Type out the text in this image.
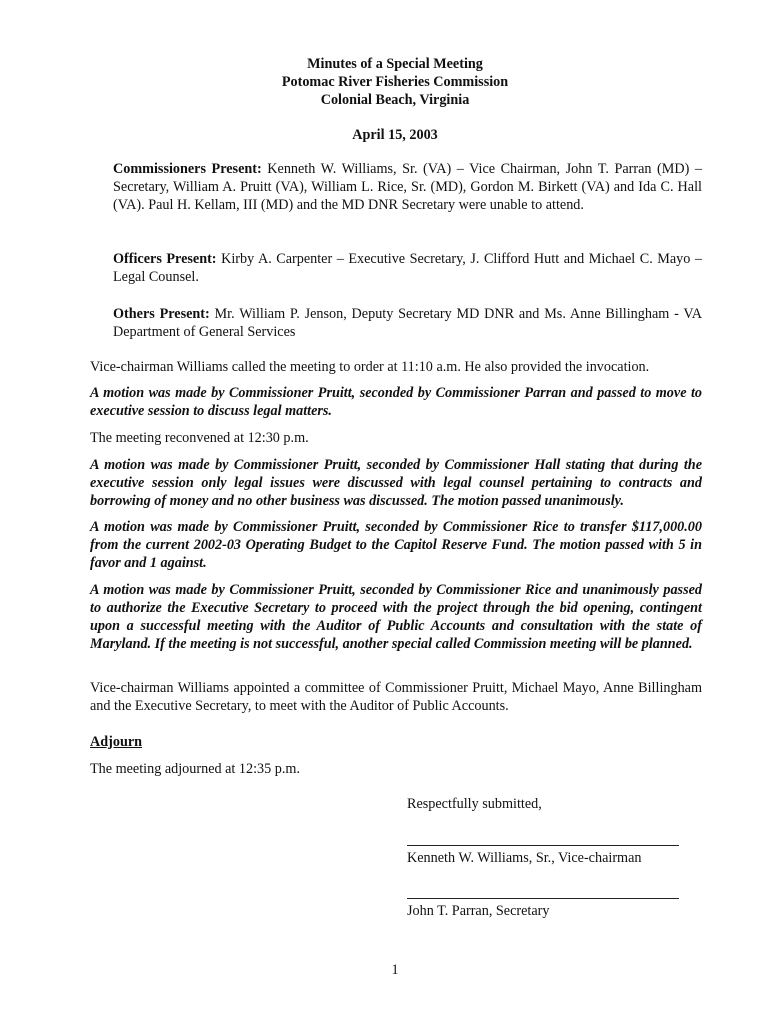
Minutes of a Special Meeting
Potomac River Fisheries Commission
Colonial Beach, Virginia
April 15, 2003
Commissioners Present: Kenneth W. Williams, Sr. (VA) – Vice Chairman, John T. Parran (MD) – Secretary, William A. Pruitt (VA), William L. Rice, Sr. (MD), Gordon M. Birkett (VA) and Ida C. Hall (VA). Paul H. Kellam, III (MD) and the MD DNR Secretary were unable to attend.
Officers Present: Kirby A. Carpenter – Executive Secretary, J. Clifford Hutt and Michael C. Mayo – Legal Counsel.
Others Present: Mr. William P. Jenson, Deputy Secretary MD DNR and Ms. Anne Billingham - VA Department of General Services
Vice-chairman Williams called the meeting to order at 11:10 a.m. He also provided the invocation.
A motion was made by Commissioner Pruitt, seconded by Commissioner Parran and passed to move to executive session to discuss legal matters.
The meeting reconvened at 12:30 p.m.
A motion was made by Commissioner Pruitt, seconded by Commissioner Hall stating that during the executive session only legal issues were discussed with legal counsel pertaining to contracts and borrowing of money and no other business was discussed. The motion passed unanimously.
A motion was made by Commissioner Pruitt, seconded by Commissioner Rice to transfer $117,000.00 from the current 2002-03 Operating Budget to the Capitol Reserve Fund. The motion passed with 5 in favor and 1 against.
A motion was made by Commissioner Pruitt, seconded by Commissioner Rice and unanimously passed to authorize the Executive Secretary to proceed with the project through the bid opening, contingent upon a successful meeting with the Auditor of Public Accounts and consultation with the state of Maryland. If the meeting is not successful, another special called Commission meeting will be planned.
Vice-chairman Williams appointed a committee of Commissioner Pruitt, Michael Mayo, Anne Billingham and the Executive Secretary, to meet with the Auditor of Public Accounts.
Adjourn
The meeting adjourned at 12:35 p.m.
Respectfully submitted,
Kenneth W. Williams, Sr., Vice-chairman
John T. Parran, Secretary
1
